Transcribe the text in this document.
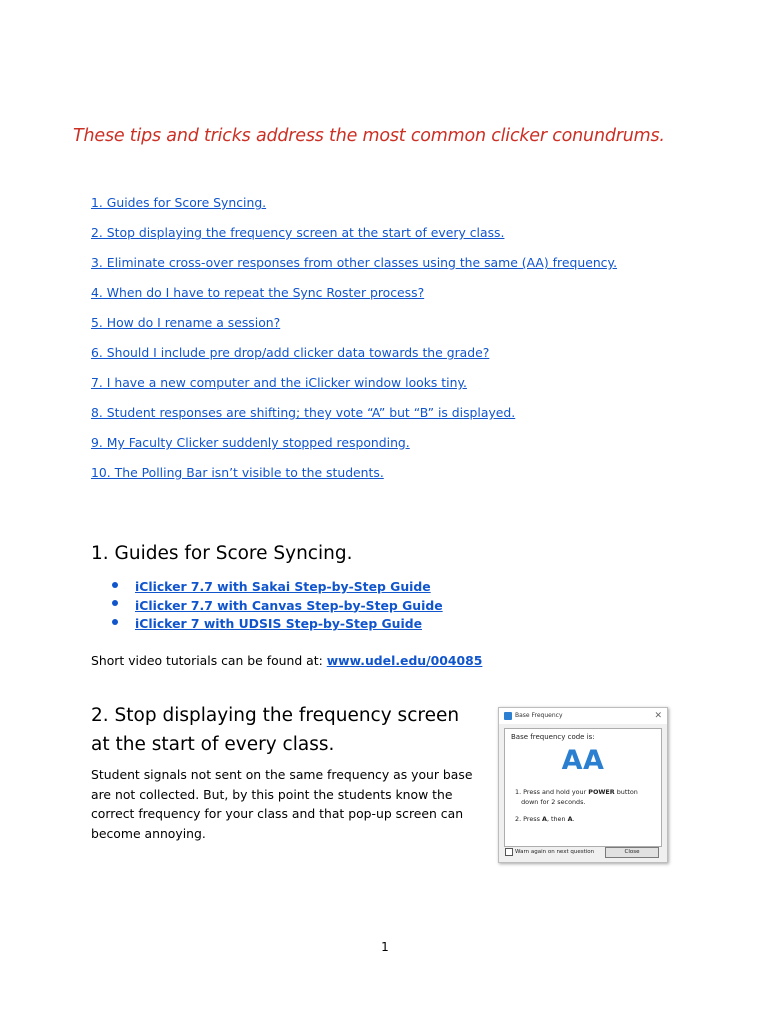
These tips and tricks address the most common clicker conundrums.
1. Guides for Score Syncing.
2. Stop displaying the frequency screen at the start of every class.
3. Eliminate cross-over responses from other classes using the same (AA) frequency.
4. When do I have to repeat the Sync Roster process?
5. How do I rename a session?
6. Should I include pre drop/add clicker data towards the grade?
7. I have a new computer and the iClicker window looks tiny.
8. Student responses are shifting; they vote “A” but “B” is displayed.
9. My Faculty Clicker suddenly stopped responding.
10. The Polling Bar isn’t visible to the students.
1. Guides for Score Syncing.
iClicker 7.7 with Sakai Step-by-Step Guide
iClicker 7.7 with Canvas Step-by-Step Guide
iClicker 7 with UDSIS Step-by-Step Guide

Short video tutorials can be found at: www.udel.edu/004085

2. Stop displaying the frequency screen
at the start of every class.

Student signals not sent on the same frequency as your base
are not collected. But, by this point the students know the
correct frequency for your class and that pop-up screen can
become annoying.

Base Frequency	✕
Base frequency code is:
AA
1. Press and hold your POWER button
down for 2 seconds.
2. Press A, then A.
Warn again on next question	Close
1
